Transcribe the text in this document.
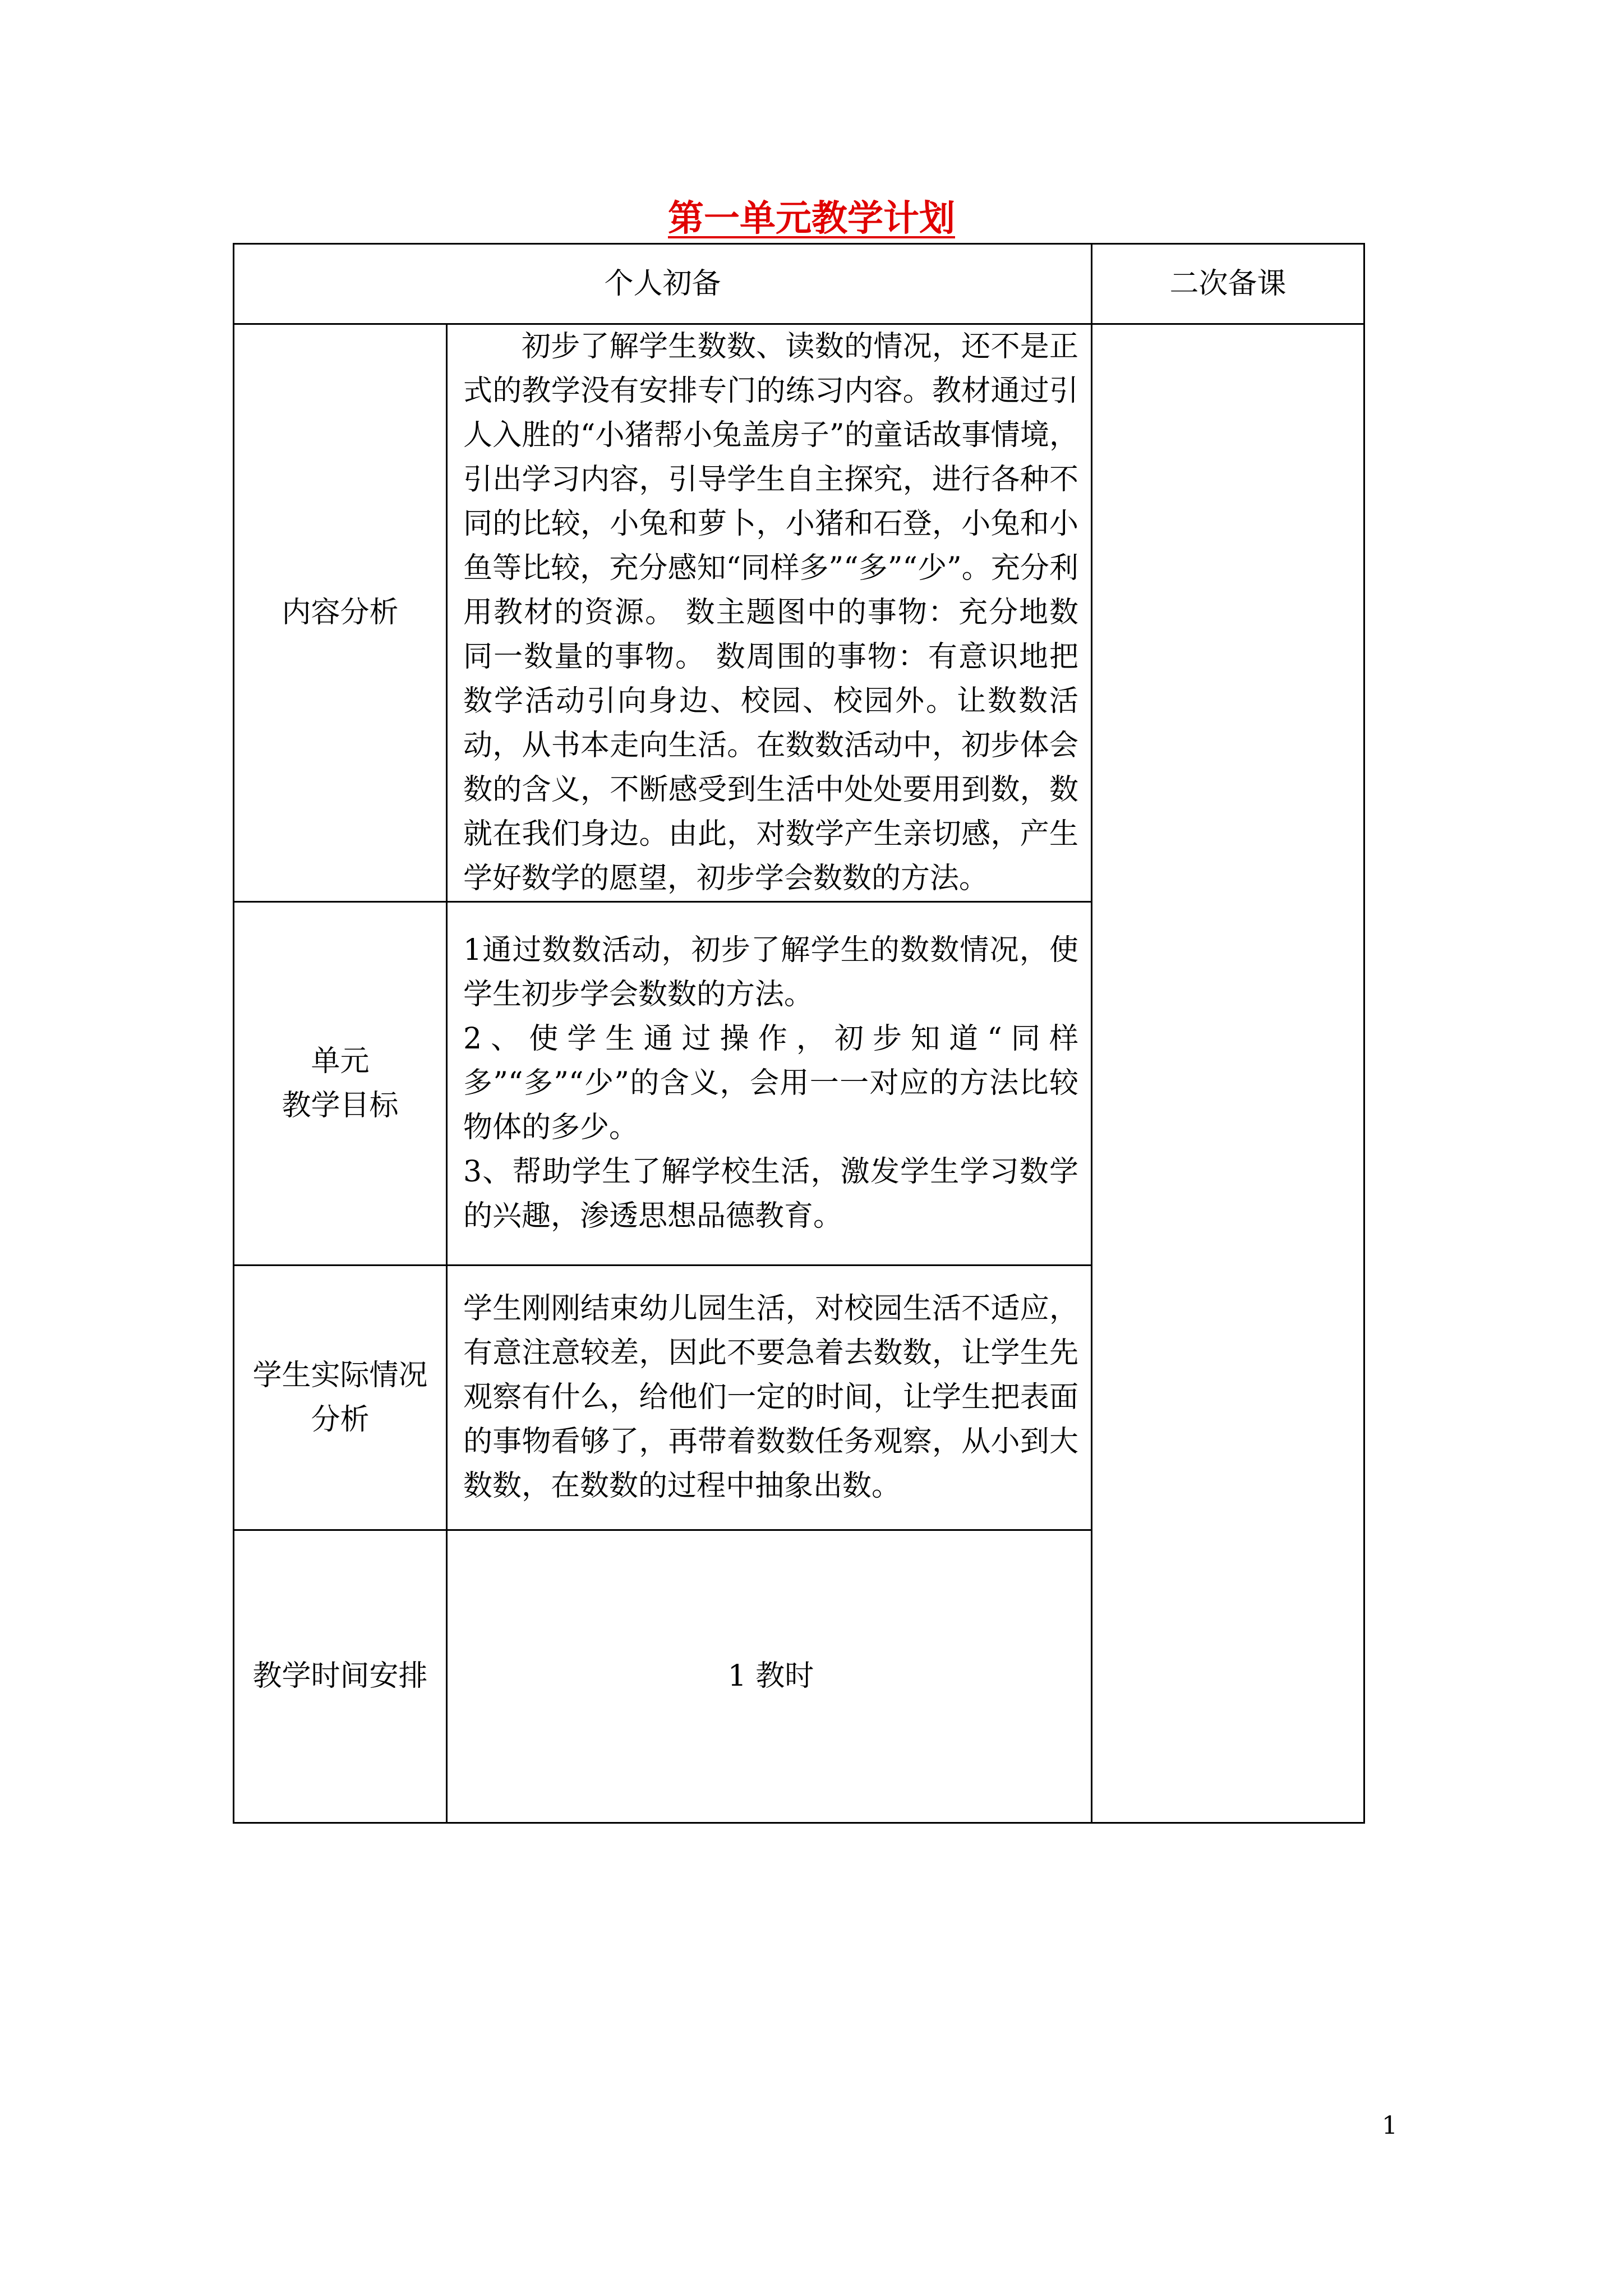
第一单元教学计划
个人初备		二次备课
内容分析	初步了解学生数数、读数的情况，还不是正式的教学没有安排专门的练习内容。教材通过引人入胜的“小猪帮小兔盖房子”的童话故事情境，引出学习内容，引导学生自主探究，进行各种不同的比较，小兔和萝卜，小猪和石登，小兔和小鱼等比较，充分感知“同样多”“多”“少”。充分利用教材的资源。 数主题图中的事物：充分地数同一数量的事物。 数周围的事物：有意识地把数学活动引向身边、校园、校园外。让数数活动，从书本走向生活。在数数活动中，初步体会数的含义，不断感受到生活中处处要用到数，数就在我们身边。由此，对数学产生亲切感，产生学好数学的愿望，初步学会数数的方法。	

单元
教学目标	1通过数数活动，初步了解学生的数数情况，使学生初步学会数数的方法。
2、使学生通过操作，初步知道“同样多”“多”“少”的含义，会用一一对应的方法比较物体的多少。
3、帮助学生了解学校生活，激发学生学习数学的兴趣，渗透思想品德教育。	

学生实际情况
分析	学生刚刚结束幼儿园生活，对校园生活不适应，有意注意较差，因此不要急着去数数，让学生先观察有什么，给他们一定的时间，让学生把表面的事物看够了，再带着数数任务观察，从小到大数数，在数数的过程中抽象出数。	
教学时间安排	1 教时	
1
